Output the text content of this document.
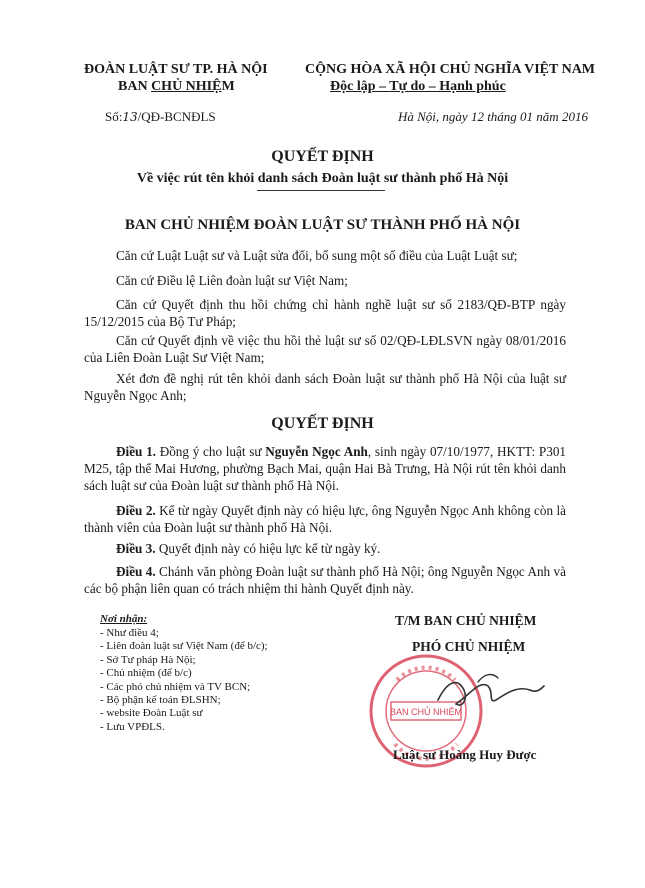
ĐOÀN LUẬT SƯ TP. HÀ NỘI
BAN CHỦ NHIỆM
CỘNG HÒA XÃ HỘI CHỦ NGHĨA VIỆT NAM
Độc lập – Tự do – Hạnh phúc
Số:13/QĐ-BCNĐLS	Hà Nội, ngày 12 tháng 01 năm 2016
QUYẾT ĐỊNH
Về việc rút tên khỏi danh sách Đoàn luật sư thành phố Hà Nội
BAN CHỦ NHIỆM ĐOÀN LUẬT SƯ THÀNH PHỐ HÀ NỘI
Căn cứ Luật Luật sư và Luật sửa đổi, bổ sung một số điều của Luật Luật sư;
Căn cứ Điều lệ Liên đoàn luật sư Việt Nam;
Căn cứ Quyết định thu hồi chứng chỉ hành nghề luật sư số 2183/QĐ-BTP ngày 15/12/2015 của Bộ Tư Pháp;
Căn cứ Quyết định về việc thu hồi thẻ luật sư số 02/QĐ-LĐLSVN ngày 08/01/2016 của Liên Đoàn Luật Sư Việt Nam;
Xét đơn đề nghị rút tên khỏi danh sách Đoàn luật sư thành phố Hà Nội của luật sư Nguyễn Ngọc Anh;
QUYẾT ĐỊNH
Điều 1. Đồng ý cho luật sư Nguyễn Ngọc Anh, sinh ngày 07/10/1977, HKTT: P301 M25, tập thể Mai Hương, phường Bạch Mai, quận Hai Bà Trưng, Hà Nội rút tên khỏi danh sách luật sư của Đoàn luật sư thành phố Hà Nội.
Điều 2. Kể từ ngày Quyết định này có hiệu lực, ông Nguyễn Ngọc Anh không còn là thành viên của Đoàn luật sư thành phố Hà Nội.
Điều 3. Quyết định này có hiệu lực kể từ ngày ký.
Điều 4. Chánh văn phòng Đoàn luật sư thành phố Hà Nội; ông Nguyễn Ngọc Anh và các bộ phận liên quan có trách nhiệm thi hành Quyết định này.
Nơi nhận:
- Như điều 4;
- Liên đoàn luật sư Việt Nam (để b/c);
- Sở Tư pháp Hà Nội;
- Chủ nhiệm (để b/c)
- Các phó chủ nhiệm và TV BCN;
- Bộ phận kế toán ĐLSHN;
- website Đoàn Luật sư
- Lưu VPĐLS.
T/M BAN CHỦ NHIỆM
PHÓ CHỦ NHIỆM
BAN CHỦ NHIỆM
Luật sư Hoàng Huy Được
